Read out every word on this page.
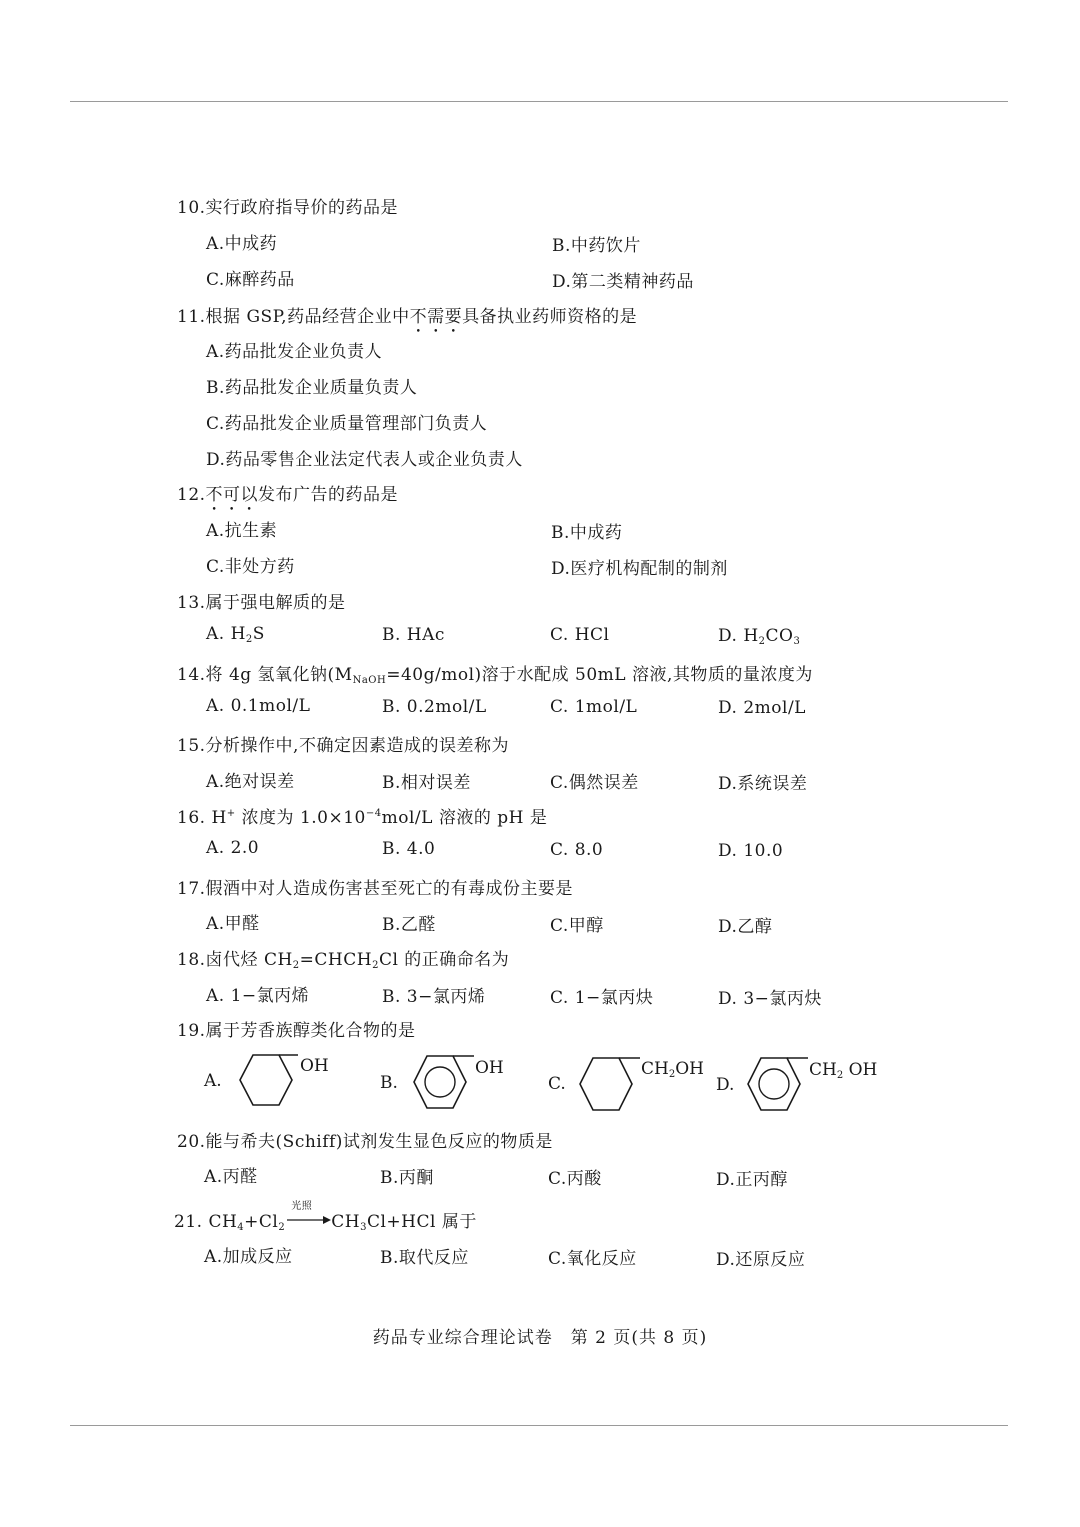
10.实行政府指导价的药品是
A.中成药	B.中药饮片
C.麻醉药品	D.第二类精神药品
11.根据 GSP,药品经营企业中不需要具备执业药师资格的是
A.药品批发企业负责人
B.药品批发企业质量负责人
C.药品批发企业质量管理部门负责人
D.药品零售企业法定代表人或企业负责人
12.不可以发布广告的药品是
A.抗生素	B.中成药
C.非处方药	D.医疗机构配制的制剂
13.属于强电解质的是
A. $H_2S$	B. HAc	C. HCl	D. $H_2CO_3$
14.将 4g 氢氧化钠$(M_{NaOH}=40g/mol)$溶于水配成 50mL 溶液,其物质的量浓度为
A. 0.1mol/L	B. 0.2mol/L	C. 1mol/L	D. 2mol/L
15.分析操作中,不确定因素造成的误差称为
A.绝对误差	B.相对误差	C.偶然误差	D.系统误差
16. H+ 浓度为 $1.0\times 10^{-4}mol/L$ 溶液的 pH 是
A. 2.0	B. 4.0	C. 8.0	D. 10.0
17.假酒中对人造成伤害甚至死亡的有毒成份主要是
A.甲醛	B.乙醛	C.甲醇	D.乙醇
18.卤代烃 $CH_2=CHCH_2Cl$ 的正确命名为
A. 1−氯丙烯	B. 3−氯丙烯	C. 1−氯丙炔	D. 3−氯丙炔
19.属于芳香族醇类化合物的是
A.
OH
B.
OH
C.
$CH_2OH$
D.
$CH_2$ OH
20.能与希夫(Schiff)试剂发生显色反应的物质是
A.丙醛	B.丙酮	C.丙酸	D.正丙醇
21. $CH_4+Cl_2$
光照
$CH_3Cl+HCl$ 属于
A.加成反应	B.取代反应	C.氧化反应	D.还原反应
药品专业综合理论试卷　第 2 页(共 8 页)
